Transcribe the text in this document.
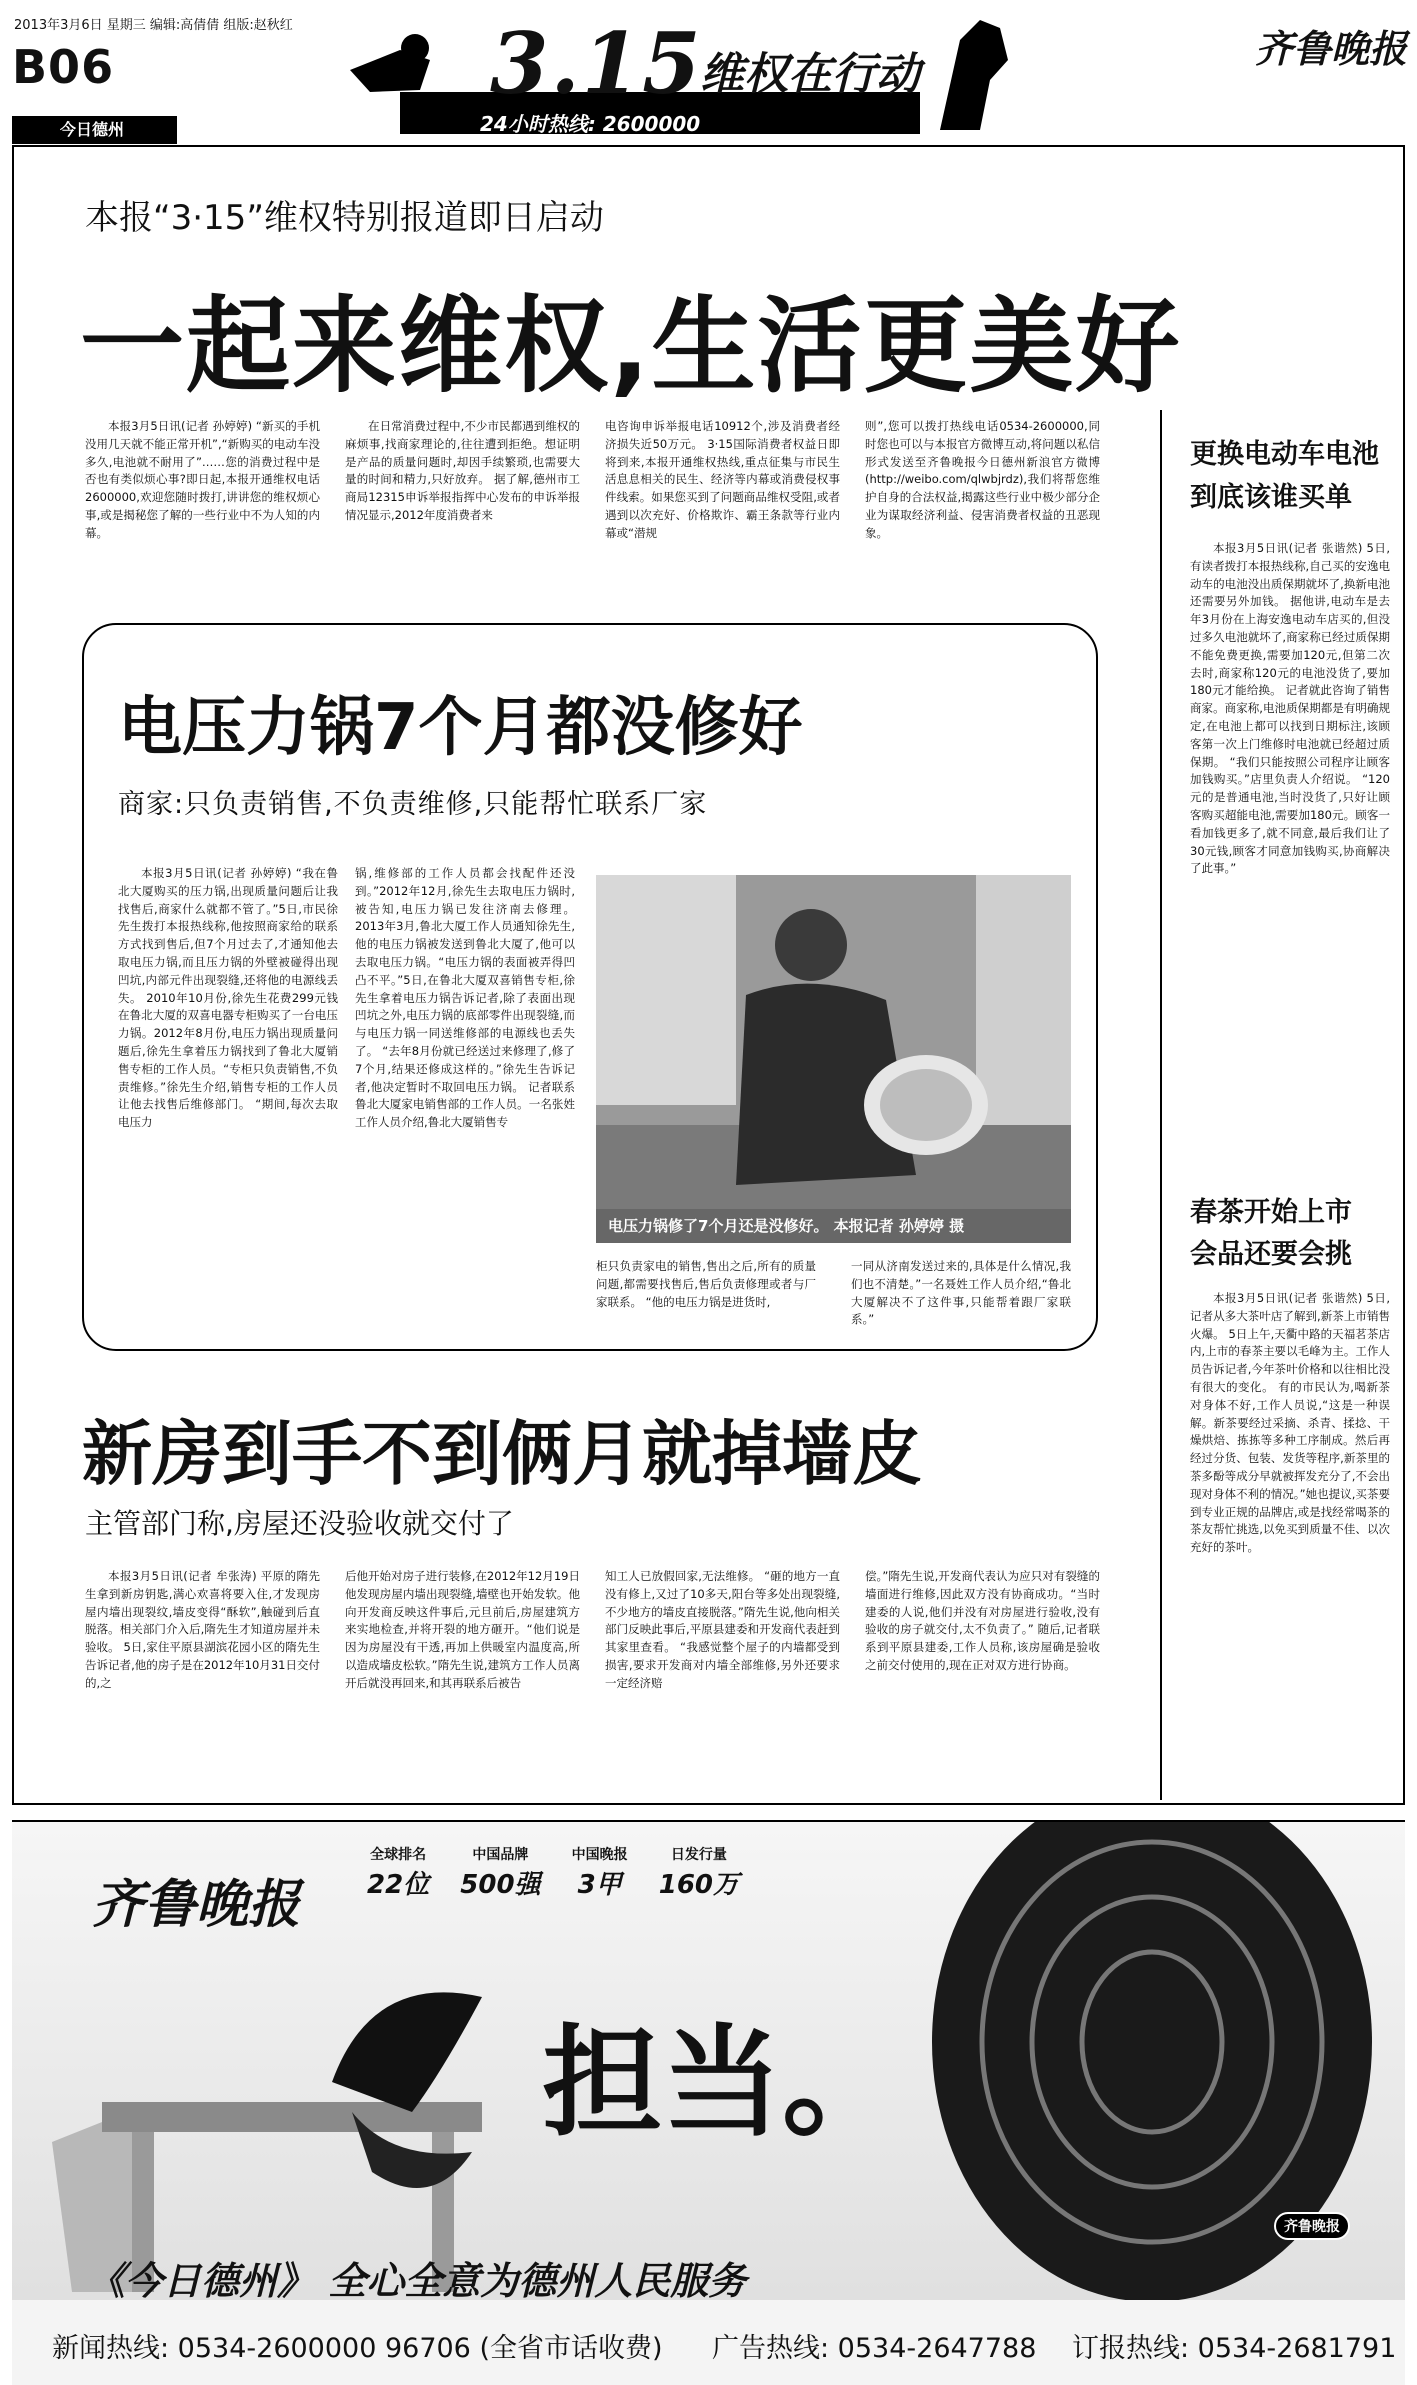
2013年3月6日 星期三 编辑:高倩倩 组版:赵秋红
B06
今日德州
3.15
维权在行动
24小时热线: 2600000
齐鲁晚报
本报“3·15”维权特别报道即日启动
一起来维权,生活更美好

本报3月5日讯(记者 孙婷婷) “新买的手机没用几天就不能正常开机”,“新购买的电动车没多久,电池就不耐用了”……您的消费过程中是否也有类似烦心事?即日起,本报开通维权电话2600000,欢迎您随时拨打,讲讲您的维权烦心事,或是揭秘您了解的一些行业中不为人知的内幕。

在日常消费过程中,不少市民都遇到维权的麻烦事,找商家理论的,往往遭到拒绝。想证明是产品的质量问题时,却因手续繁琐,也需要大量的时间和精力,只好放弃。 据了解,德州市工商局12315申诉举报指挥中心发布的申诉举报情况显示,2012年度消费者来

电咨询申诉举报电话10912个,涉及消费者经济损失近50万元。 3·15国际消费者权益日即将到来,本报开通维权热线,重点征集与市民生活息息相关的民生、经济等内幕或消费侵权事件线索。如果您买到了问题商品维权受阻,或者遇到以次充好、价格欺诈、霸王条款等行业内幕或“潜规

则”,您可以拨打热线电话0534-2600000,同时您也可以与本报官方微博互动,将问题以私信形式发送至齐鲁晚报今日德州新浪官方微博(http://weibo.com/qlwbjrdz),我们将帮您维护自身的合法权益,揭露这些行业中极少部分企业为谋取经济利益、侵害消费者权益的丑恶现象。

电压力锅7个月都没修好
商家:只负责销售,不负责维修,只能帮忙联系厂家

本报3月5日讯(记者 孙婷婷) “我在鲁北大厦购买的压力锅,出现质量问题后让我找售后,商家什么就都不管了。”5日,市民徐先生拨打本报热线称,他按照商家给的联系方式找到售后,但7个月过去了,才通知他去取电压力锅,而且压力锅的外壁被碰得出现凹坑,内部元件出现裂缝,还将他的电源线丢失。 2010年10月份,徐先生花费299元钱在鲁北大厦的双喜电器专柜购买了一台电压力锅。2012年8月份,电压力锅出现质量问题后,徐先生拿着压力锅找到了鲁北大厦销售专柜的工作人员。“专柜只负责销售,不负责维修。”徐先生介绍,销售专柜的工作人员让他去找售后维修部门。 “期间,每次去取电压力

锅,维修部的工作人员都会找配件还没到。”2012年12月,徐先生去取电压力锅时,被告知,电压力锅已发往济南去修理。 2013年3月,鲁北大厦工作人员通知徐先生,他的电压力锅被发送到鲁北大厦了,他可以去取电压力锅。“电压力锅的表面被弄得凹凸不平。”5日,在鲁北大厦双喜销售专柜,徐先生拿着电压力锅告诉记者,除了表面出现凹坑之外,电压力锅的底部零件出现裂缝,而与电压力锅一同送维修部的电源线也丢失了。 “去年8月份就已经送过来修理了,修了7个月,结果还修成这样的。”徐先生告诉记者,他决定暂时不取回电压力锅。 记者联系鲁北大厦家电销售部的工作人员。一名张姓工作人员介绍,鲁北大厦销售专

电压力锅修了7个月还是没修好。 本报记者 孙婷婷 摄

柜只负责家电的销售,售出之后,所有的质量问题,都需要找售后,售后负责修理或者与厂家联系。 “他的电压力锅是进货时,

一同从济南发送过来的,具体是什么情况,我们也不清楚。”一名聂姓工作人员介绍,“鲁北大厦解决不了这件事,只能帮着跟厂家联系。”

新房到手不到俩月就掉墙皮
主管部门称,房屋还没验收就交付了

本报3月5日讯(记者 牟张涛) 平原的隋先生拿到新房钥匙,满心欢喜将要入住,才发现房屋内墙出现裂纹,墙皮变得“酥软”,触碰到后直脱落。相关部门介入后,隋先生才知道房屋并未验收。 5日,家住平原县湖滨花园小区的隋先生告诉记者,他的房子是在2012年10月31日交付的,之

后他开始对房子进行装修,在2012年12月19日他发现房屋内墙出现裂缝,墙壁也开始发软。他向开发商反映这件事后,元旦前后,房屋建筑方来实地检查,并将开裂的地方砸开。“他们说是因为房屋没有干透,再加上供暖室内温度高,所以造成墙皮松软。”隋先生说,建筑方工作人员离开后就没再回来,和其再联系后被告

知工人已放假回家,无法维修。 “砸的地方一直没有修上,又过了10多天,阳台等多处出现裂缝,不少地方的墙皮直接脱落。”隋先生说,他向相关部门反映此事后,平原县建委和开发商代表赶到其家里查看。 “我感觉整个屋子的内墙都受到损害,要求开发商对内墙全部维修,另外还要求一定经济赔

偿。”隋先生说,开发商代表认为应只对有裂缝的墙面进行维修,因此双方没有协商成功。“当时建委的人说,他们并没有对房屋进行验收,没有验收的房子就交付,太不负责了。” 随后,记者联系到平原县建委,工作人员称,该房屋确是验收之前交付使用的,现在正对双方进行协商。

更换电动车电池
到底该谁买单

本报3月5日讯(记者 张谐然) 5日,有读者拨打本报热线称,自己买的安逸电动车的电池没出质保期就坏了,换新电池还需要另外加钱。 据他讲,电动车是去年3月份在上海安逸电动车店买的,但没过多久电池就坏了,商家称已经过质保期不能免费更换,需要加120元,但第二次去时,商家称120元的电池没货了,要加180元才能给换。 记者就此咨询了销售商家。商家称,电池质保期都是有明确规定,在电池上都可以找到日期标注,该顾客第一次上门维修时电池就已经超过质保期。 “我们只能按照公司程序让顾客加钱购买。”店里负责人介绍说。 “120元的是普通电池,当时没货了,只好让顾客购买超能电池,需要加180元。顾客一看加钱更多了,就不同意,最后我们让了30元钱,顾客才同意加钱购买,协商解决了此事。”

春茶开始上市
会品还要会挑

本报3月5日讯(记者 张谐然) 5日,记者从多大茶叶店了解到,新茶上市销售火爆。 5日上午,天衢中路的天福茗茶店内,上市的春茶主要以毛峰为主。工作人员告诉记者,今年茶叶价格和以往相比没有很大的变化。 有的市民认为,喝新茶对身体不好,工作人员说,“这是一种误解。新茶要经过采摘、杀青、揉捻、干燥烘焙、拣拣等多种工序制成。然后再经过分货、包装、发货等程序,新茶里的茶多酚等成分早就被挥发充分了,不会出现对身体不利的情况。”她也提议,买茶要到专业正规的品牌店,或是找经常喝茶的茶友帮忙挑选,以免买到质量不佳、以次充好的茶叶。

齐鲁晚报
全球排名
22位
中国品牌
500强
中国晚报
3甲
日发行量
160万
担当。
齐鲁晚报
《今日德州》 全心全意为德州人民服务
新闻热线: 0534-2600000 96706 (全省市话收费) 广告热线: 0534-2647788 订报热线: 0534-2681791
